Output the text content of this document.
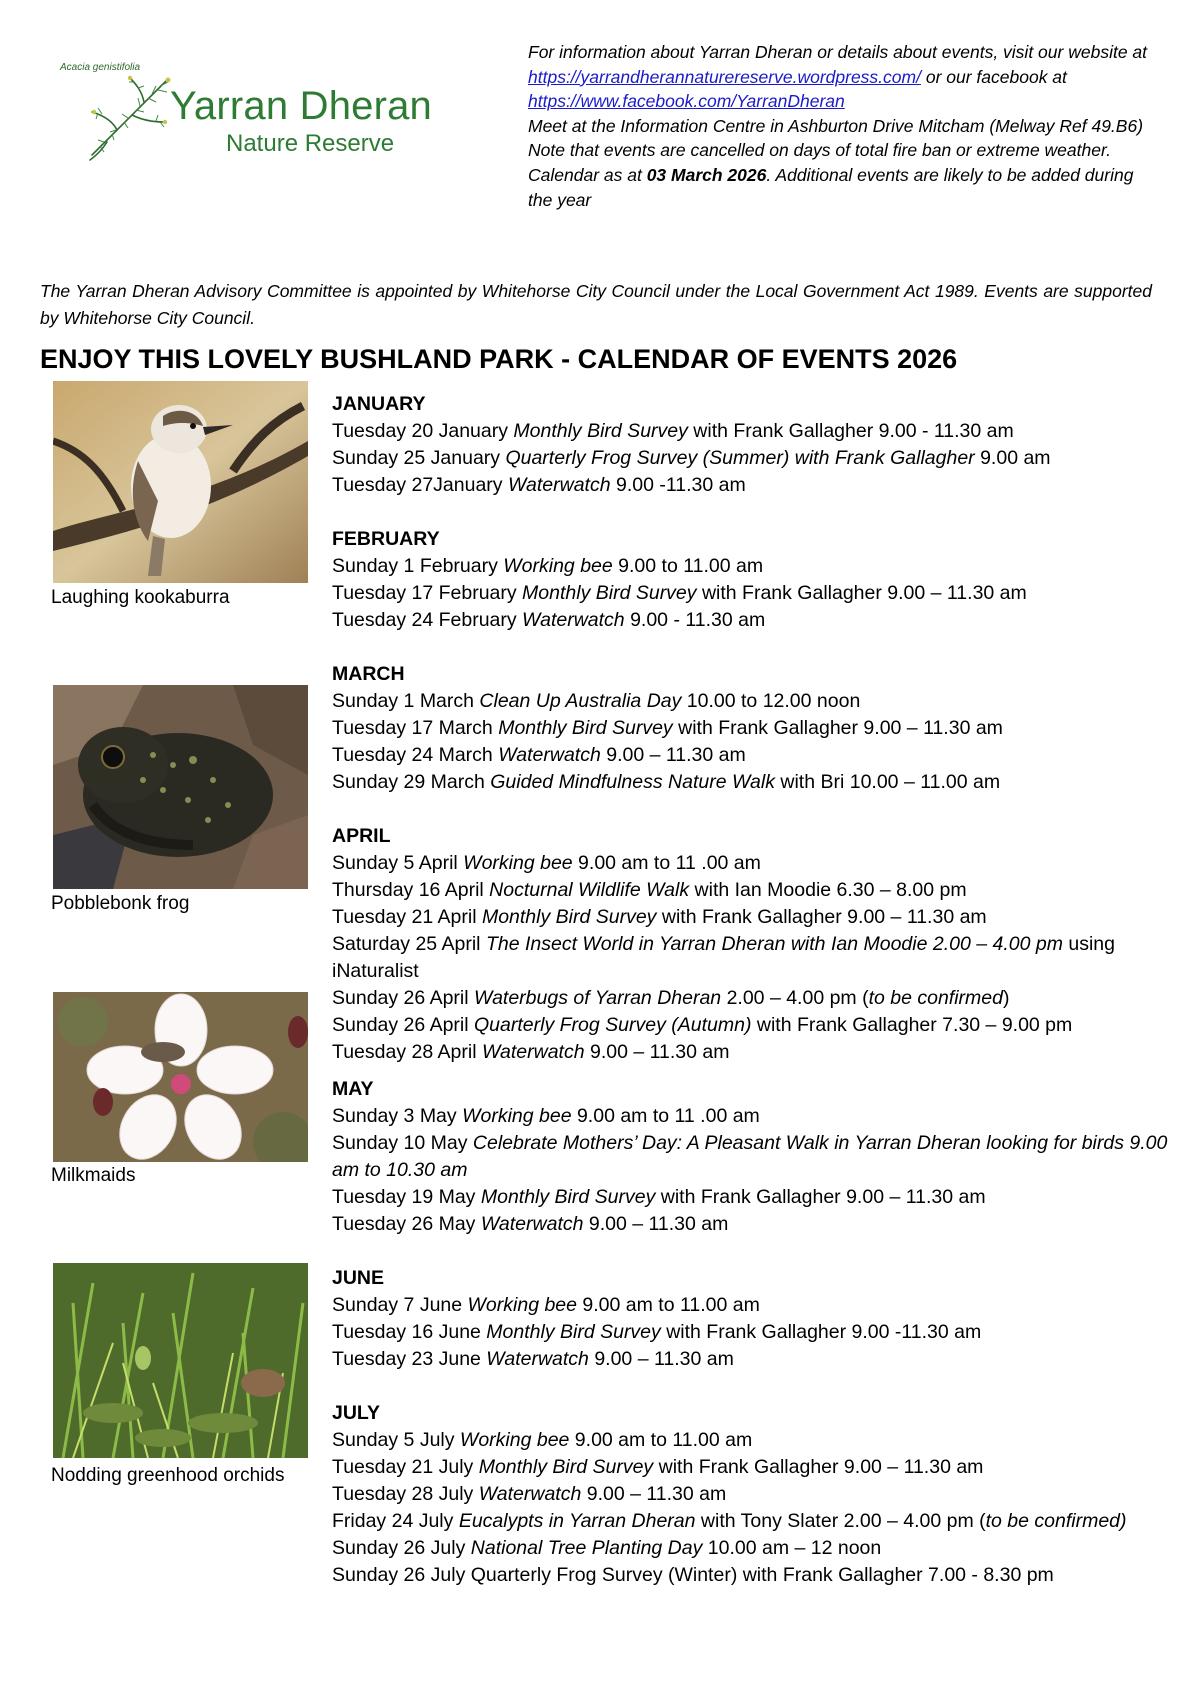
Acacia genistifolia
Yarran Dheran
Nature Reserve

For information about Yarran Dheran or details about events, visit our website at https://yarrandherannaturereserve.wordpress.com/ or our facebook at https://www.facebook.com/YarranDheran

Meet at the Information Centre in Ashburton Drive Mitcham (Melway Ref 49.B6)

Note that events are cancelled on days of total fire ban or extreme weather.

Calendar as at 03 March 2026. Additional events are likely to be added during the year

The Yarran Dheran Advisory Committee is appointed by Whitehorse City Council under the Local Government Act 1989. Events are supported by Whitehorse City Council.
ENJOY THIS LOVELY BUSHLAND PARK - CALENDAR OF EVENTS 2026
Laughing kookaburra
Pobblebonk frog
Milkmaids
Nodding greenhood orchids

JANUARY

Tuesday 20 January Monthly Bird Survey with Frank Gallagher 9.00 - 11.30 am

Sunday 25 January Quarterly Frog Survey (Summer) with Frank Gallagher 9.00 am

Tuesday 27January Waterwatch 9.00 -11.30 am

FEBRUARY

Sunday 1 February Working bee 9.00 to 11.00 am

Tuesday 17 February Monthly Bird Survey with Frank Gallagher 9.00 – 11.30 am

Tuesday 24 February Waterwatch 9.00 - 11.30 am

MARCH

Sunday 1 March Clean Up Australia Day 10.00 to 12.00 noon

Tuesday 17 March Monthly Bird Survey with Frank Gallagher 9.00 – 11.30 am

Tuesday 24 March Waterwatch 9.00 – 11.30 am

Sunday 29 March Guided Mindfulness Nature Walk with Bri 10.00 – 11.00 am

APRIL

Sunday 5 April Working bee 9.00 am to 11 .00 am

Thursday 16 April Nocturnal Wildlife Walk with Ian Moodie 6.30 – 8.00 pm

Tuesday 21 April Monthly Bird Survey with Frank Gallagher 9.00 – 11.30 am

Saturday 25 April The Insect World in Yarran Dheran with Ian Moodie 2.00 – 4.00 pm using iNaturalist

Sunday 26 April Waterbugs of Yarran Dheran 2.00 – 4.00 pm (to be confirmed)

Sunday 26 April Quarterly Frog Survey (Autumn) with Frank Gallagher 7.30 – 9.00 pm

Tuesday 28 April Waterwatch 9.00 – 11.30 am

MAY

Sunday 3 May Working bee 9.00 am to 11 .00 am

Sunday 10 May Celebrate Mothers’ Day: A Pleasant Walk in Yarran Dheran looking for birds 9.00 am to 10.30 am

Tuesday 19 May Monthly Bird Survey with Frank Gallagher 9.00 – 11.30 am

Tuesday 26 May Waterwatch 9.00 – 11.30 am

JUNE

Sunday 7 June Working bee 9.00 am to 11.00 am

Tuesday 16 June Monthly Bird Survey with Frank Gallagher 9.00 -11.30 am

Tuesday 23 June Waterwatch 9.00 – 11.30 am

JULY

Sunday 5 July Working bee 9.00 am to 11.00 am

Tuesday 21 July Monthly Bird Survey with Frank Gallagher 9.00 – 11.30 am

Tuesday 28 July Waterwatch 9.00 – 11.30 am

Friday 24 July Eucalypts in Yarran Dheran with Tony Slater 2.00 – 4.00 pm (to be confirmed)

Sunday 26 July National Tree Planting Day 10.00 am – 12 noon

Sunday 26 July Quarterly Frog Survey (Winter) with Frank Gallagher 7.00 - 8.30 pm
